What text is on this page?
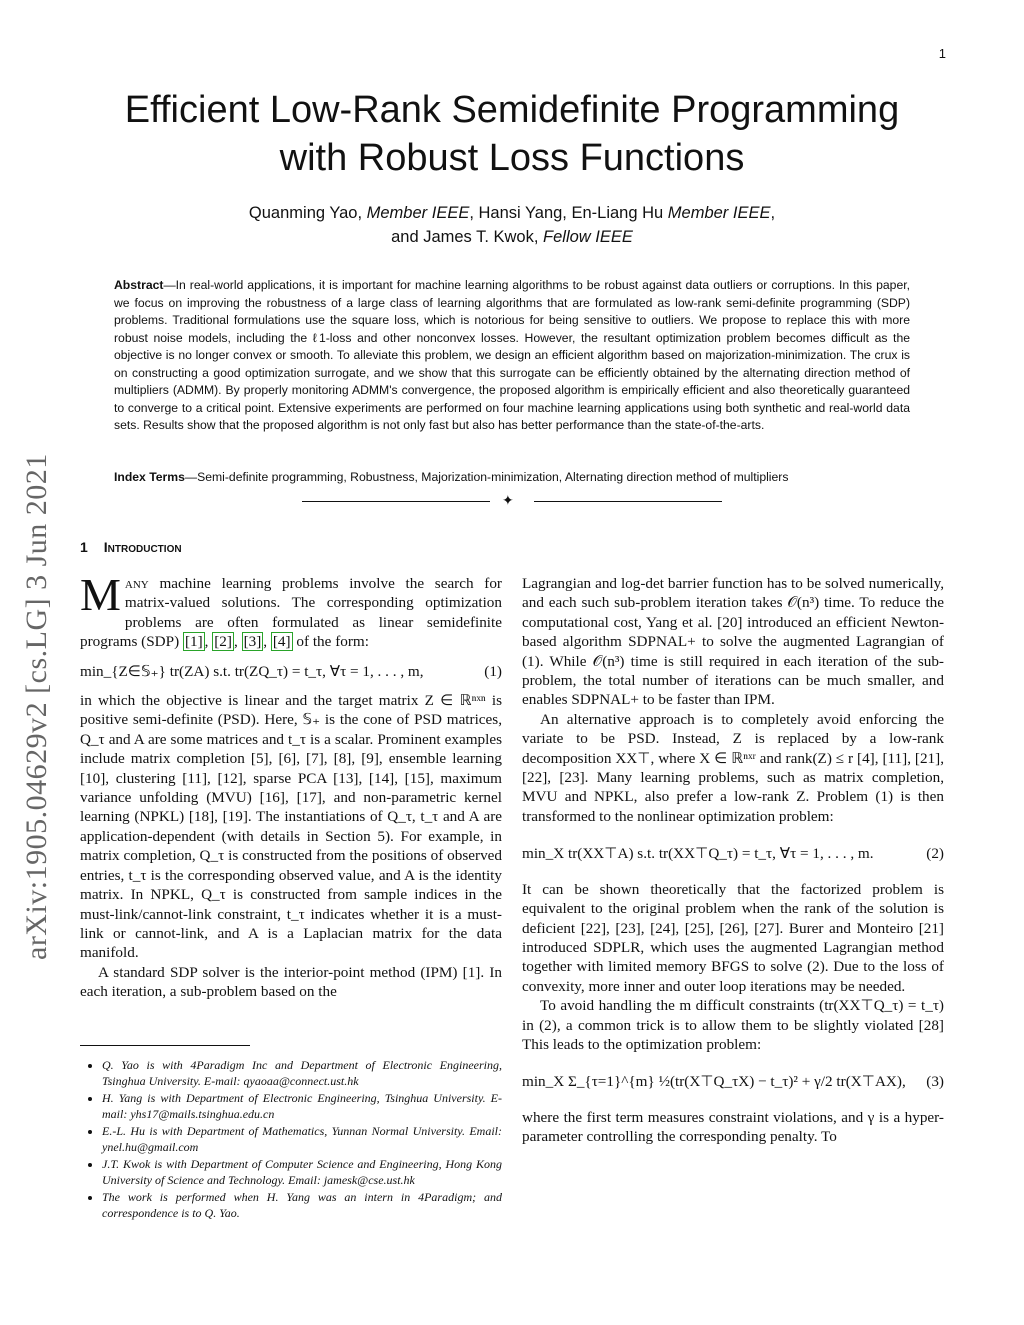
1
arXiv:1905.04629v2 [cs.LG] 3 Jun 2021
Efficient Low-Rank Semidefinite Programming
with Robust Loss Functions
Quanming Yao, Member IEEE, Hansi Yang, En-Liang Hu Member IEEE,
and James T. Kwok, Fellow IEEE
Abstract—In real-world applications, it is important for machine learning algorithms to be robust against data outliers or corruptions. In this paper, we focus on improving the robustness of a large class of learning algorithms that are formulated as low-rank semi-definite programming (SDP) problems. Traditional formulations use the square loss, which is notorious for being sensitive to outliers. We propose to replace this with more robust noise models, including the ℓ1-loss and other nonconvex losses. However, the resultant optimization problem becomes difficult as the objective is no longer convex or smooth. To alleviate this problem, we design an efficient algorithm based on majorization-minimization. The crux is on constructing a good optimization surrogate, and we show that this surrogate can be efficiently obtained by the alternating direction method of multipliers (ADMM). By properly monitoring ADMM's convergence, the proposed algorithm is empirically efficient and also theoretically guaranteed to converge to a critical point. Extensive experiments are performed on four machine learning applications using both synthetic and real-world data sets. Results show that the proposed algorithm is not only fast but also has better performance than the state-of-the-arts.
Index Terms—Semi-definite programming, Robustness, Majorization-minimization, Alternating direction method of multipliers
✦
1 Introduction

Many machine learning problems involve the search for matrix-valued solutions. The corresponding optimization problems are often formulated as linear semidefinite programs (SDP) [1] , [2] , [3] , [4] of the form:

min_{Z∈𝕊₊} tr(ZA) s.t. tr(ZQ_τ) = t_τ, ∀τ = 1, . . . , m,	(1)

in which the objective is linear and the target matrix Z ∈ ℝⁿˣⁿ is positive semi-definite (PSD). Here, 𝕊₊ is the cone of PSD matrices, Q_τ and A are some matrices and t_τ is a scalar. Prominent examples include matrix completion [5], [6], [7], [8], [9], ensemble learning [10], clustering [11], [12], sparse PCA [13], [14], [15], maximum variance unfolding (MVU) [16], [17], and non-parametric kernel learning (NPKL) [18], [19]. The instantiations of Q_τ, t_τ and A are application-dependent (with details in Section 5). For example, in matrix completion, Q_τ is constructed from the positions of observed entries, t_τ is the corresponding observed value, and A is the identity matrix. In NPKL, Q_τ is constructed from sample indices in the must-link/cannot-link constraint, t_τ indicates whether it is a must-link or cannot-link, and A is a Laplacian matrix for the data manifold.

A standard SDP solver is the interior-point method (IPM) [1]. In each iteration, a sub-problem based on the

• Q. Yao is with 4Paradigm Inc and Department of Electronic Engineering, Tsinghua University. E-mail: qyaoaa@connect.ust.hk
• H. Yang is with Department of Electronic Engineering, Tsinghua University. E-mail: yhs17@mails.tsinghua.edu.cn
• E.-L. Hu is with Department of Mathematics, Yunnan Normal University. Email: ynel.hu@gmail.com
• J.T. Kwok is with Department of Computer Science and Engineering, Hong Kong University of Science and Technology. Email: jamesk@cse.ust.hk
• The work is performed when H. Yang was an intern in 4Paradigm; and correspondence is to Q. Yao.

Lagrangian and log-det barrier function has to be solved numerically, and each such sub-problem iteration takes 𝒪(n³) time. To reduce the computational cost, Yang et al. [20] introduced an efficient Newton-based algorithm SDPNAL+ to solve the augmented Lagrangian of (1). While 𝒪(n³) time is still required in each iteration of the sub-problem, the total number of iterations can be much smaller, and enables SDPNAL+ to be faster than IPM.

An alternative approach is to completely avoid enforcing the variate to be PSD. Instead, Z is replaced by a low-rank decomposition XX⊤, where X ∈ ℝⁿˣʳ and rank(Z) ≤ r [4], [11], [21], [22], [23]. Many learning problems, such as matrix completion, MVU and NPKL, also prefer a low-rank Z. Problem (1) is then transformed to the nonlinear optimization problem:

min_X tr(XX⊤A) s.t. tr(XX⊤Q_τ) = t_τ, ∀τ = 1, . . . , m.	(2)

It can be shown theoretically that the factorized problem is equivalent to the original problem when the rank of the solution is deficient [22], [23], [24], [25], [26], [27]. Burer and Monteiro [21] introduced SDPLR, which uses the augmented Lagrangian method together with limited memory BFGS to solve (2). Due to the loss of convexity, more inner and outer loop iterations may be needed.

To avoid handling the m difficult constraints (tr(XX⊤Q_τ) = t_τ) in (2), a common trick is to allow them to be slightly violated [28] This leads to the optimization problem:

min_X Σ_{τ=1}^{m} ½(tr(X⊤Q_τX) − t_τ)² + γ/2 tr(X⊤AX), (3)

where the first term measures constraint violations, and γ is a hyper-parameter controlling the corresponding penalty. To
